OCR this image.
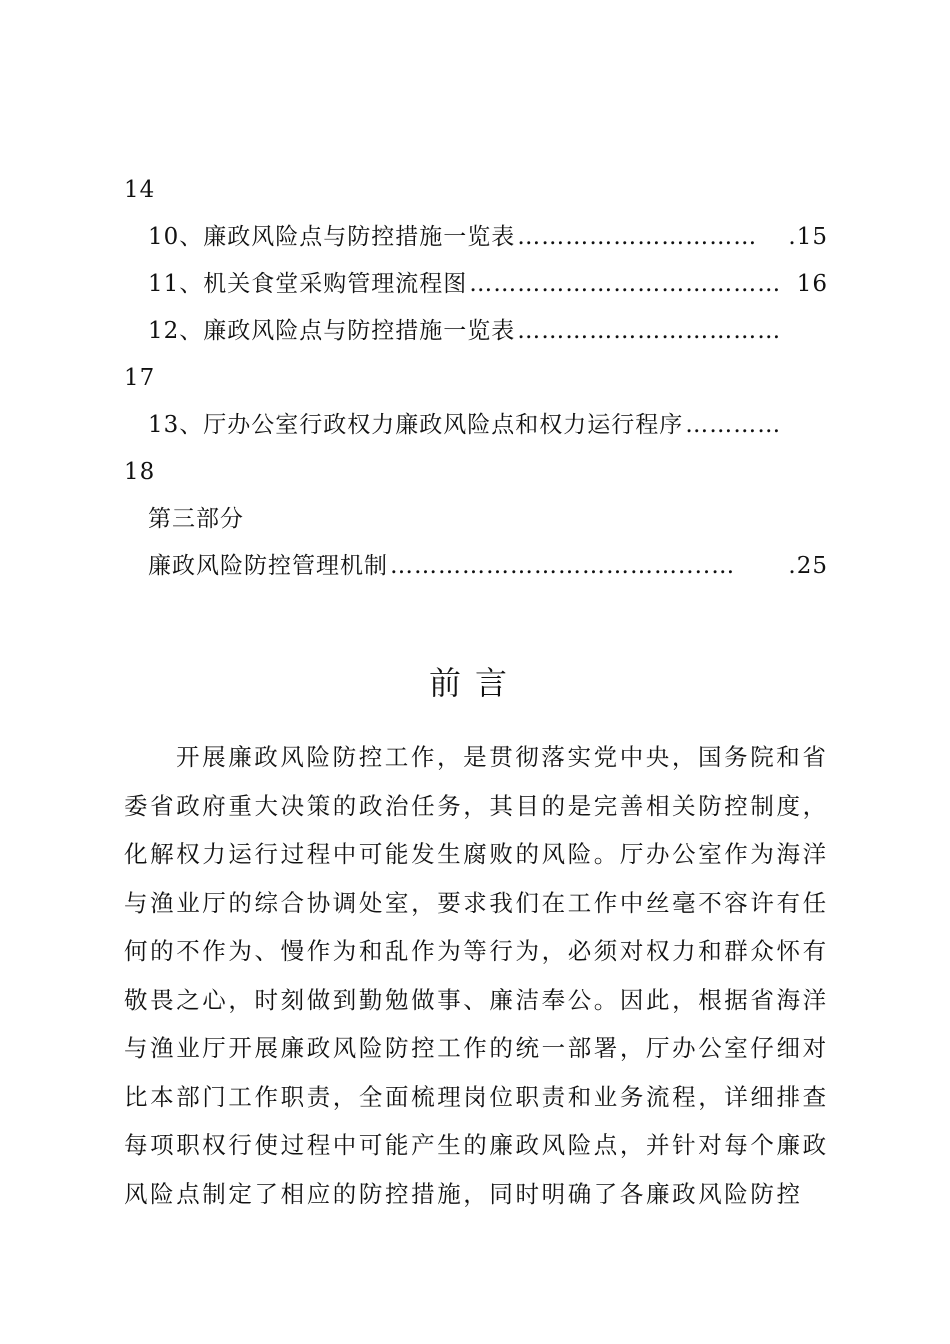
14
10、廉政风险点与防控措施一览表 …………………………	.15
11、机关食堂采购管理流程图 ………………………………… 16
12、廉政风险点与防控措施一览表 ……………………………
17
13、厅办公室行政权力廉政风险点和权力运行程序 …………
18
第三部分
廉政风险防控管理机制 ………………………………....…	.25
前言
开展廉政风险防控工作，是贯彻落实党中央，国务院和省
委省政府重大决策的政治任务，其目的是完善相关防控制度，
化解权力运行过程中可能发生腐败的风险。厅办公室作为海洋
与渔业厅的综合协调处室，要求我们在工作中丝毫不容许有任
何的不作为、慢作为和乱作为等行为，必须对权力和群众怀有
敬畏之心，时刻做到勤勉做事、廉洁奉公。因此，根据省海洋
与渔业厅开展廉政风险防控工作的统一部署，厅办公室仔细对
比本部门工作职责，全面梳理岗位职责和业务流程，详细排查
每项职权行使过程中可能产生的廉政风险点，并针对每个廉政
风险点制定了相应的防控措施，同时明确了各廉政风险防控
